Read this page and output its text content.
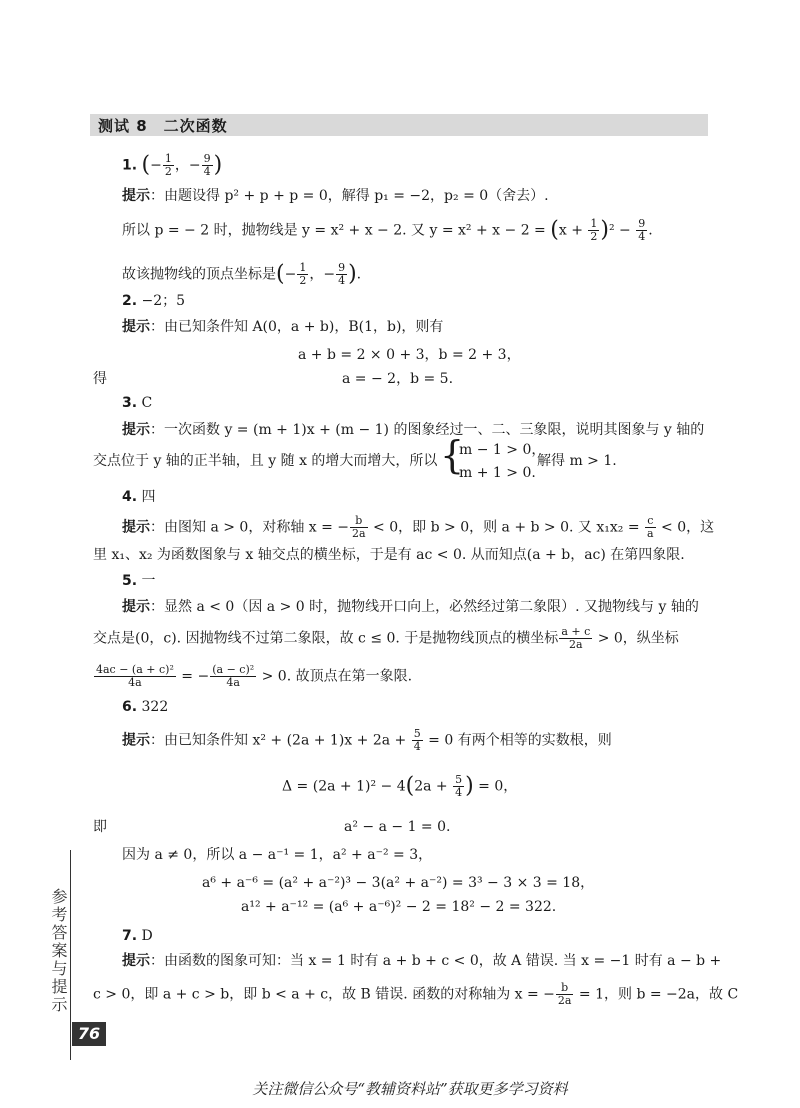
测试 8　二次函数
1. (− $\frac{1}{2}$ ，− $\frac{9}{4}$ )
提示：由题设得 p² + p + p = 0，解得 p₁ = −2，p₂ = 0（舍去）.
所以 p = − 2 时，抛物线是 y = x² + x − 2. 又 $y = x^2 + x - 2 = (x + \frac{1}{2} )^2 - \frac{9}{4}$ .
故该抛物线的顶点坐标是(− $\frac{1}{2}$ ，− $\frac{9}{4}$ ).
2. −2；5
提示：由已知条件知 A(0，a + b)，B(1，b)，则有
a + b = 2 × 0 + 3，b = 2 + 3，
得	a = − 2，b = 5.
3. C
提示：一次函数 y = (m + 1)x + (m − 1) 的图象经过一、二、三象限，说明其图象与 y 轴的
交点位于 y 轴的正半轴，且 y 随 x 的增大而增大，所以 {
m − 1 > 0，
m + 1 > 0.
解得 m > 1.
4. 四
提示：由图知 a > 0，对称轴 x = − $\frac{b}{2a} < 0$，即 b > 0，则 a + b > 0. 又 $x_1x_2 = \frac{c}{a} < 0$，这
里 x₁、x₂ 为函数图象与 x 轴交点的横坐标，于是有 ac < 0. 从而知点(a + b，ac) 在第四象限.
5. 一
提示：显然 a < 0（因 a > 0 时，抛物线开口向上，必然经过第二象限）. 又抛物线与 y 轴的
交点是(0，c). 因抛物线不过第二象限，故 c ≤ 0. 于是抛物线顶点的横坐标 $\frac{a + c}{2a} > 0$，纵坐标
$\frac{\text{4ac − (a + c)²}}{4a}$ = − $\frac{\text{(a − c)²}}{4a} > 0$. 故顶点在第一象限.
6. 322
提示：由已知条件知 $x^2 + (2a + 1)x + 2a + \frac{5}{4} = 0$ 有两个相等的实数根，则
$\Delta = (2a + 1)^2 - 4(2a + \frac{5}{4}$ ) = 0，
即	a² − a − 1 = 0.
因为 a ≠ 0，所以 a − a⁻¹ = 1，a² + a⁻² = 3，
a⁶ + a⁻⁶ = (a² + a⁻²)³ − 3(a² + a⁻²) = 3³ − 3 × 3 = 18，
a¹² + a⁻¹² = (a⁶ + a⁻⁶)² − 2 = 18² − 2 = 322.
7. D
提示：由函数的图象可知：当 x = 1 时有 a + b + c < 0，故 A 错误. 当 x = −1 时有 a − b +
c > 0，即 a + c > b，即 b < a + c，故 B 错误. 函数的对称轴为 x = − $\frac{b}{2a} = 1$，则 b = −2a，故 C
参考答案与提示
76
关注微信公众号“教辅资料站”获取更多学习资料
